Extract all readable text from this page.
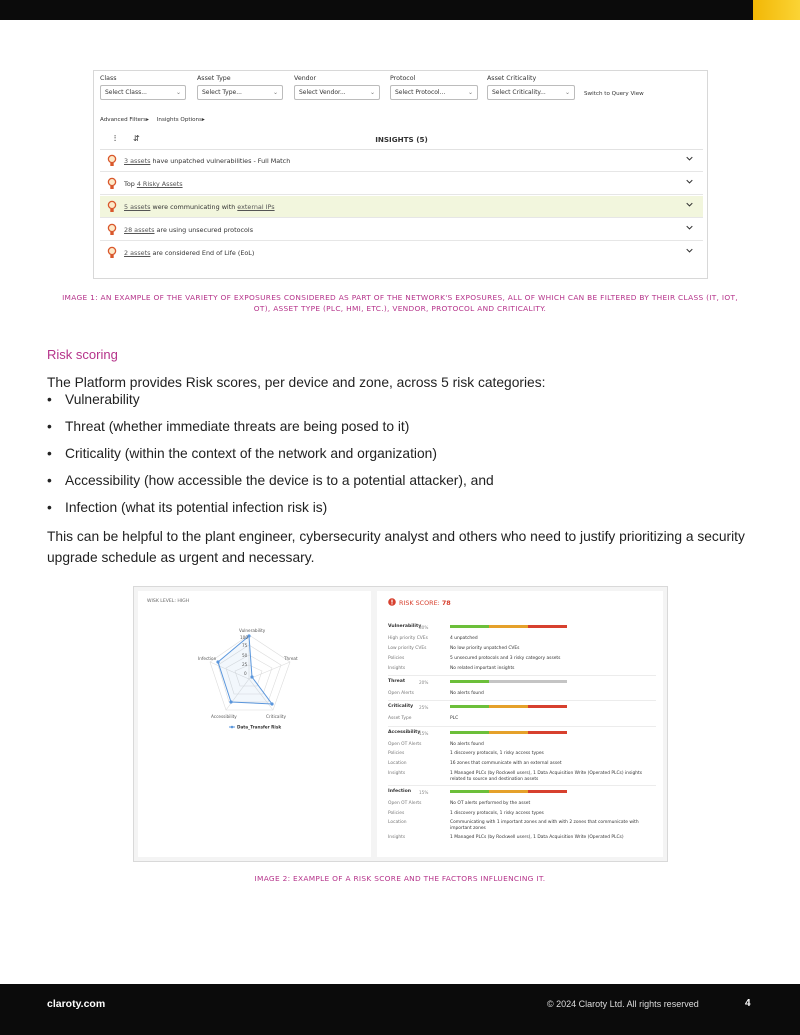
Class
Select Class...	⌄
Asset Type
Select Type...	⌄
Vendor
Select Vendor...	⌄
Protocol
Select Protocol...	⌄
Asset Criticality
Select Criticality...	⌄	Switch to Query View
Advanced Filters▸ Insights Options▸
⫶ ⇵	INSIGHTS (5)
3 assets have unpatched vulnerabilities - Full Match
Top 4 Risky Assets
5 assets were communicating with external IPs
28 assets are using unsecured protocols
2 assets are considered End of Life (EoL)
IMAGE 1: AN EXAMPLE OF THE VARIETY OF EXPOSURES CONSIDERED AS PART OF THE NETWORK'S EXPOSURES, ALL OF WHICH CAN BE FILTERED BY THEIR CLASS (IT, IOT, OT), ASSET TYPE (PLC, HMI, ETC.), VENDOR, PROTOCOL AND CRITICALITY.
Risk scoring
The Platform provides Risk scores, per device and zone, across 5 risk categories:
• Vulnerability
• Threat (whether immediate threats are being posed to it)
• Criticality (within the context of the network and organization)
• Accessibility (how accessible the device is to a potential attacker), and
• Infection (what its potential infection risk is)
This can be helpful to the plant engineer, cybersecurity analyst and others who need to justify prioritizing a security upgrade schedule as urgent and necessary.
WISK LEVEL: HIGH
Vulnerability
Threat
Criticality
Accessibility
Infection
100
75
50
25
0
Data_Transfer Risk
RISK SCORE: 78
Vulnerability
80%
High priority CVEs	4 unpatched
Low priority CVEs	No low priority unpatched CVEs
Policies	5 unsecured protocols and 3 risky category assets
Insights	No related important insights
Threat	20%
Open Alerts	No alerts found
Criticality 25%
Asset Type	PLC
Accessibility
15%
Open OT Alerts	No alerts found
Policies	1 discovery protocols, 1 risky access types
Location	16 zones that communicate with an external asset
Insights	1 Managed PLCs (by Rockwell users), 1 Data Acquisition Write (Operated PLCs) insights related to source and destination assets
Infection 15%
Open OT Alerts	No OT alerts performed by the asset
Policies	1 discovery protocols, 1 risky access types
Location	Communicating with 1 important zones and with with 2 zones that communicate with important zones
Insights	1 Managed PLCs (by Rockwell users), 1 Data Acquisition Write (Operated PLCs)
IMAGE 2: EXAMPLE OF A RISK SCORE AND THE FACTORS INFLUENCING IT.
claroty.com	© 2024 Claroty Ltd. All rights reserved	4
